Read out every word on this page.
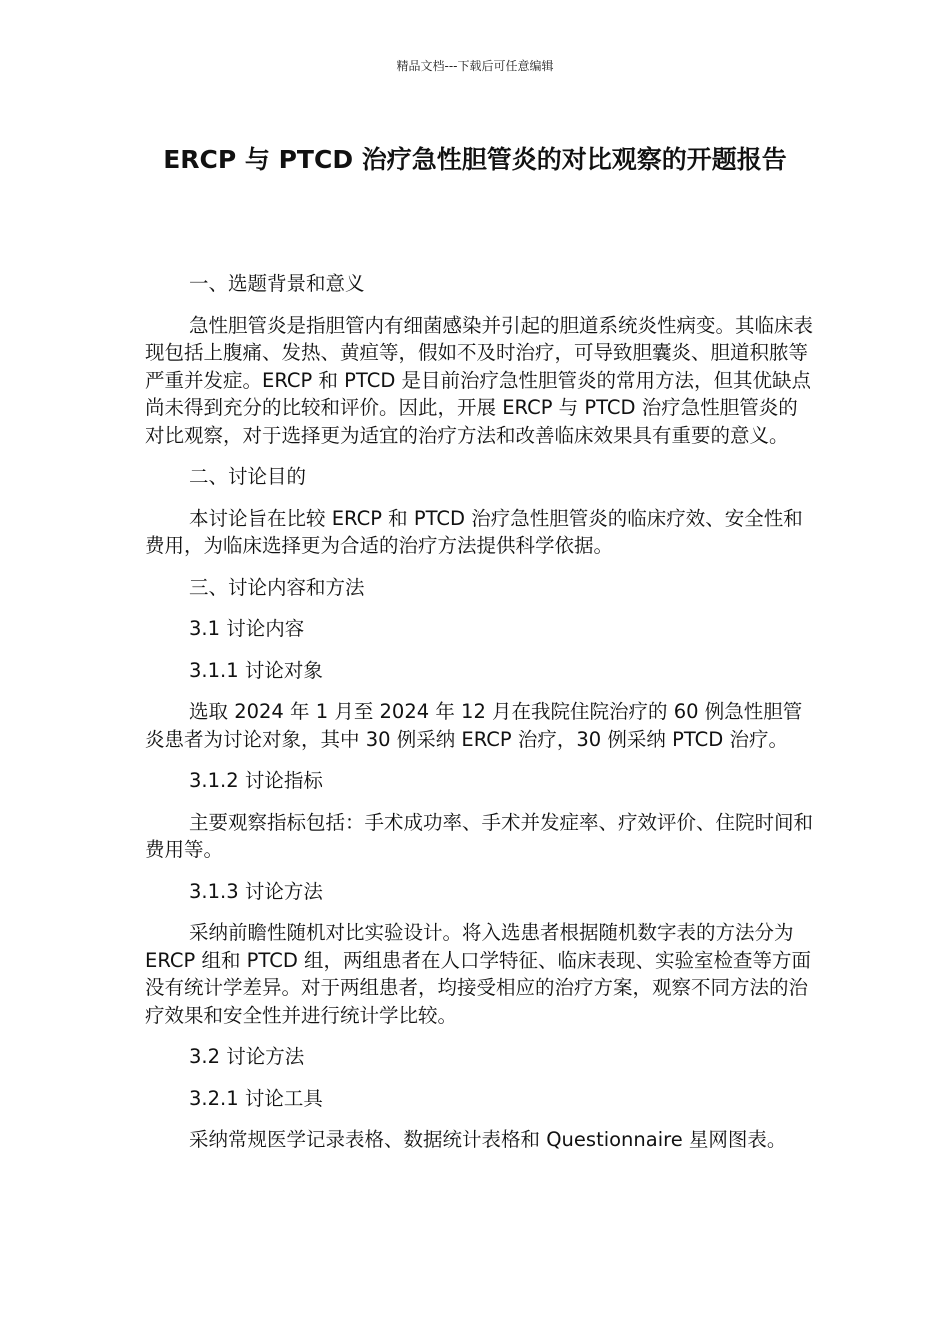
精品文档---下载后可任意编辑
ERCP 与 PTCD 治疗急性胆管炎的对比观察的开题报告

一、选题背景和意义

急性胆管炎是指胆管内有细菌感染并引起的胆道系统炎性病变。其临床表现包括上腹痛、发热、黄疸等，假如不及时治疗，可导致胆囊炎、胆道积脓等严重并发症。ERCP 和 PTCD 是目前治疗急性胆管炎的常用方法，但其优缺点尚未得到充分的比较和评价。因此，开展 ERCP 与 PTCD 治疗急性胆管炎的对比观察，对于选择更为适宜的治疗方法和改善临床效果具有重要的意义。

二、讨论目的

本讨论旨在比较 ERCP 和 PTCD 治疗急性胆管炎的临床疗效、安全性和费用，为临床选择更为合适的治疗方法提供科学依据。

三、讨论内容和方法

3.1 讨论内容

3.1.1 讨论对象

选取 2024 年 1 月至 2024 年 12 月在我院住院治疗的 60 例急性胆管炎患者为讨论对象，其中 30 例采纳 ERCP 治疗，30 例采纳 PTCD 治疗。

3.1.2 讨论指标

主要观察指标包括：手术成功率、手术并发症率、疗效评价、住院时间和费用等。

3.1.3 讨论方法

采纳前瞻性随机对比实验设计。将入选患者根据随机数字表的方法分为 ERCP 组和 PTCD 组，两组患者在人口学特征、临床表现、实验室检查等方面没有统计学差异。对于两组患者，均接受相应的治疗方案，观察不同方法的治疗效果和安全性并进行统计学比较。

3.2 讨论方法

3.2.1 讨论工具

采纳常规医学记录表格、数据统计表格和 Questionnaire 星网图表。
